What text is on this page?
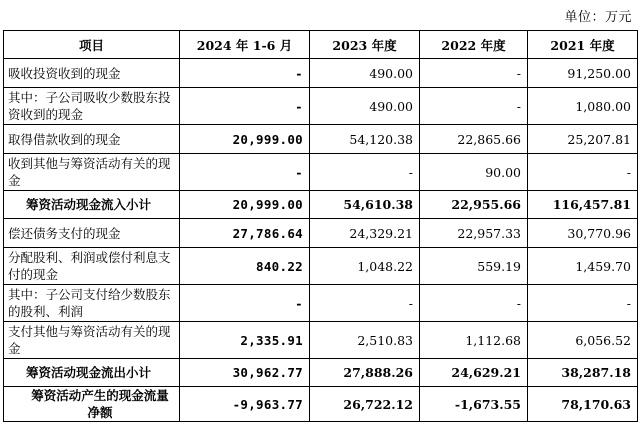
单位：万元
项目	2024 年 1-6 月	2023 年度	2022 年度	2021 年度
吸收投资收到的现金	-	490.00	-	91,250.00
其中：子公司吸收少数股东投资收到的现金	-	490.00	-	1,080.00
取得借款收到的现金	20,999.00	54,120.38	22,865.66	25,207.81
收到其他与筹资活动有关的现金	-	-	90.00	-
筹资活动现金流入小计	20,999.00	54,610.38	22,955.66	116,457.81
偿还债务支付的现金	27,786.64	24,329.21	22,957.33	30,770.96
分配股利、利润或偿付利息支付的现金	840.22	1,048.22	559.19	1,459.70
其中：子公司支付给少数股东的股利、利润	-	-	-	-
支付其他与筹资活动有关的现金	2,335.91	2,510.83	1,112.68	6,056.52
筹资活动现金流出小计	30,962.77	27,888.26	24,629.21	38,287.18
筹资活动产生的现金流量净额	-9,963.77	26,722.12	-1,673.55	78,170.63
